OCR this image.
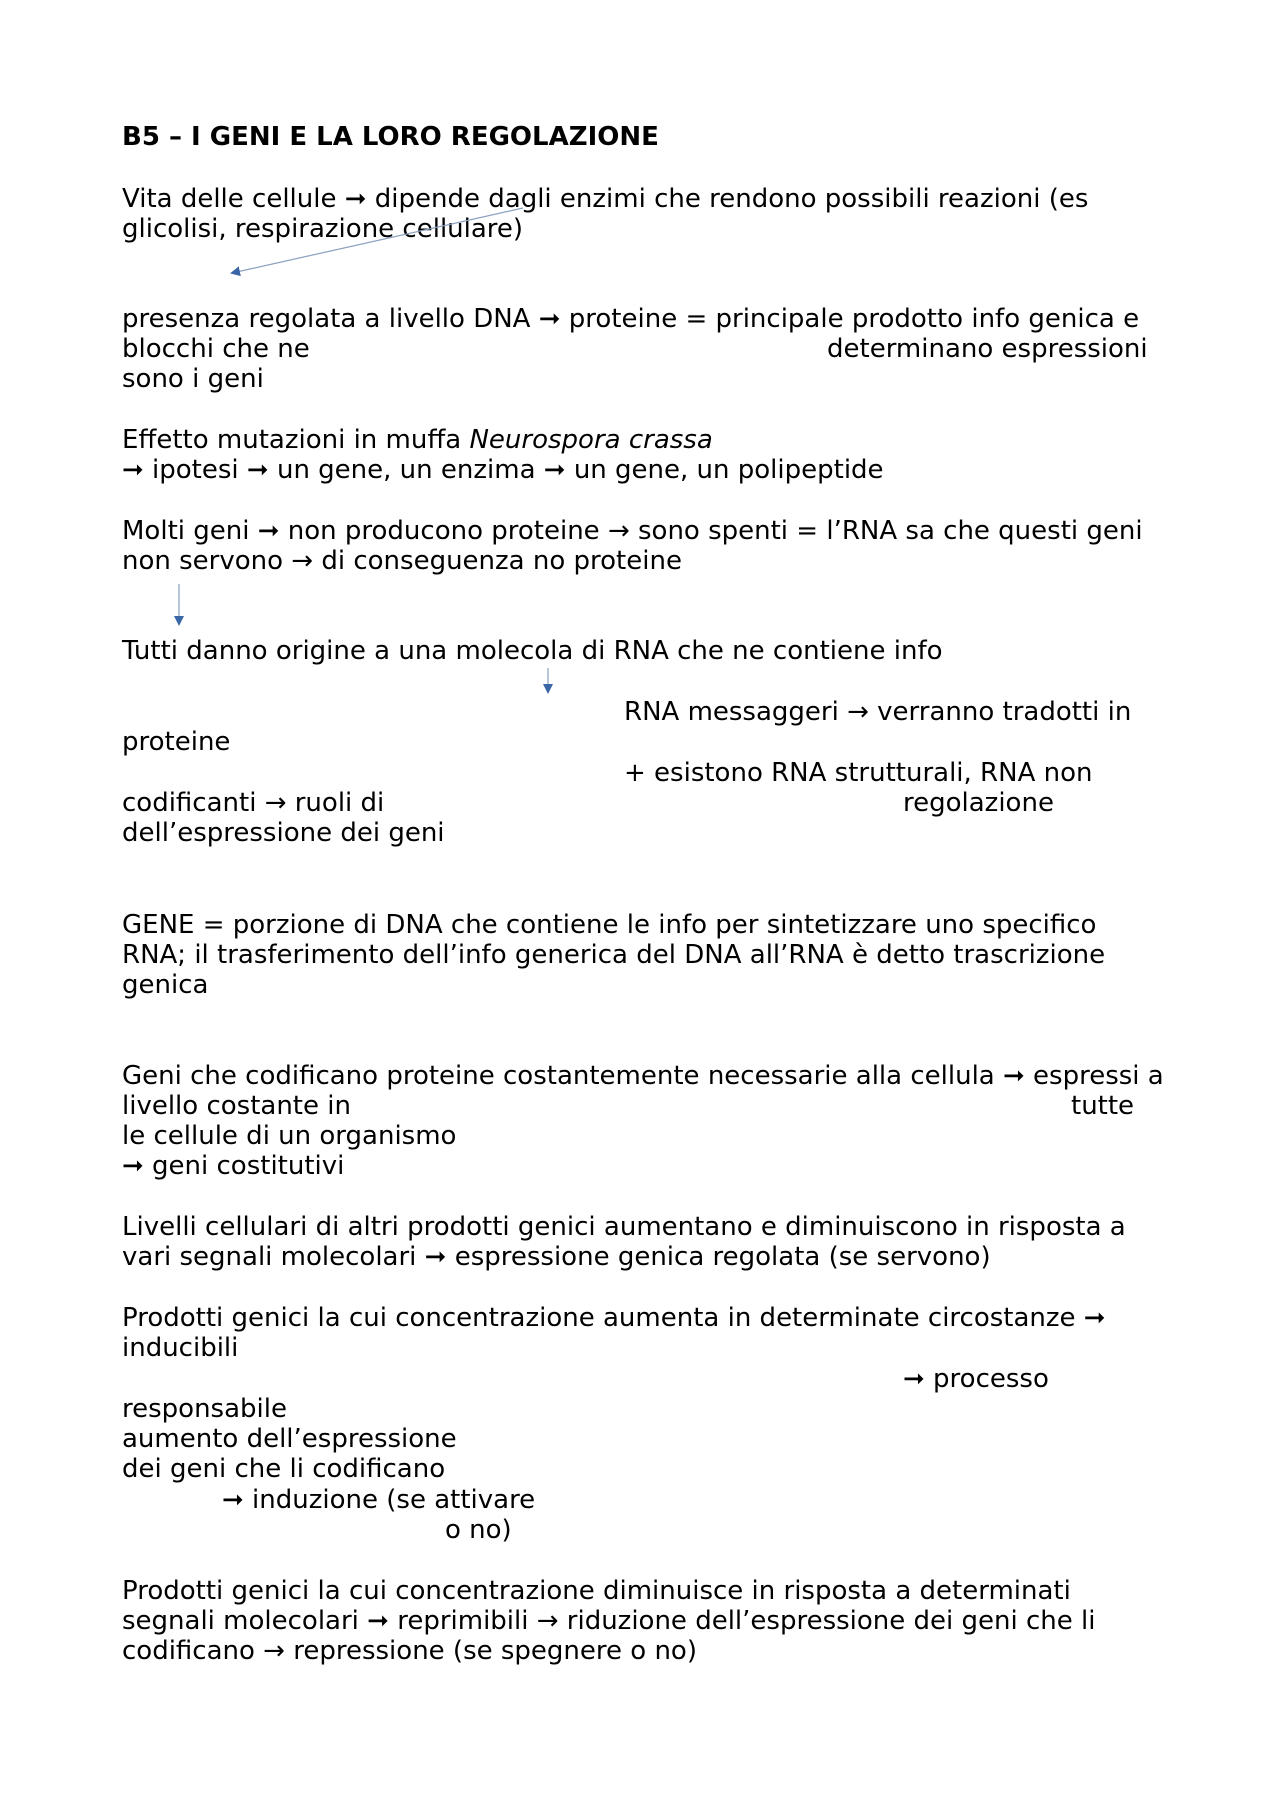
B5 – I GENI E LA LORO REGOLAZIONE
Vita delle cellule ➞ dipende dagli enzimi che rendono possibili reazioni (es
glicolisi, respirazione cellulare)
presenza regolata a livello DNA ➞ proteine = principale prodotto info genica e
blocchi che ne	determinano espressioni
sono i geni
Effetto mutazioni in muffa Neurospora crassa
➞ ipotesi ➞ un gene, un enzima ➞ un gene, un polipeptide
Molti geni ➞ non producono proteine → sono spenti = l’RNA sa che questi geni
non servono → di conseguenza no proteine
Tutti danno origine a una molecola di RNA che ne contiene info
RNA messaggeri → verranno tradotti in
proteine
+ esistono RNA strutturali, RNA non
codificanti → ruoli di	regolazione
dell’espressione dei geni
GENE = porzione di DNA che contiene le info per sintetizzare uno specifico
RNA; il trasferimento dell’info generica del DNA all’RNA è detto trascrizione
genica
Geni che codificano proteine costantemente necessarie alla cellula ➞ espressi a
livello costante in	tutte
le cellule di un organismo
➞ geni costitutivi
Livelli cellulari di altri prodotti genici aumentano e diminuiscono in risposta a
vari segnali molecolari ➞ espressione genica regolata (se servono)
Prodotti genici la cui concentrazione aumenta in determinate circostanze ➞
inducibili
➞ processo
responsabile
aumento dell’espressione
dei geni che li codificano
➞ induzione (se attivare
o no)
Prodotti genici la cui concentrazione diminuisce in risposta a determinati
segnali molecolari ➞ reprimibili → riduzione dell’espressione dei geni che li
codificano → repressione (se spegnere o no)
